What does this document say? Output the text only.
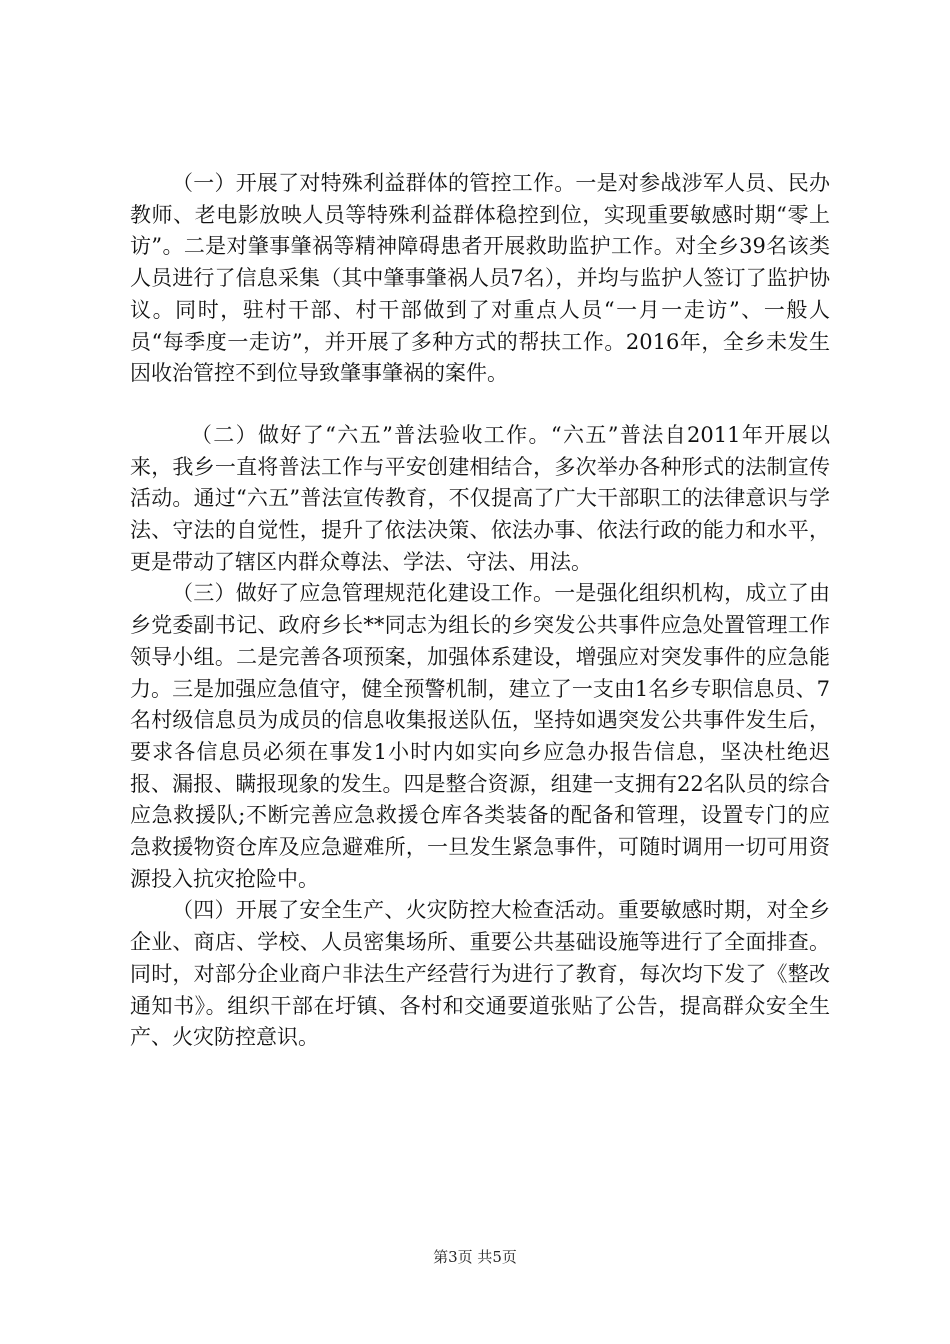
（一）开展了对特殊利益群体的管控工作。一是对参战涉军人员、民办教师、老电影放映人员等特殊利益群体稳控到位，实现重要敏感时期“零上访”。二是对肇事肇祸等精神障碍患者开展救助监护工作。对全乡39名该类人员进行了信息采集（其中肇事肇祸人员7名），并均与监护人签订了监护协议。同时，驻村干部、村干部做到了对重点人员“一月一走访”、一般人员“每季度一走访”，并开展了多种方式的帮扶工作。2016年，全乡未发生因收治管控不到位导致肇事肇祸的案件。

（二）做好了“六五”普法验收工作。“六五”普法自2011年开展以来，我乡一直将普法工作与平安创建相结合，多次举办各种形式的法制宣传活动。通过“六五”普法宣传教育，不仅提高了广大干部职工的法律意识与学法、守法的自觉性，提升了依法决策、依法办事、依法行政的能力和水平，更是带动了辖区内群众尊法、学法、守法、用法。

（三）做好了应急管理规范化建设工作。一是强化组织机构，成立了由乡党委副书记、政府乡长**同志为组长的乡突发公共事件应急处置管理工作领导小组。二是完善各项预案，加强体系建设，增强应对突发事件的应急能力。三是加强应急值守，健全预警机制，建立了一支由1名乡专职信息员、7名村级信息员为成员的信息收集报送队伍，坚持如遇突发公共事件发生后，要求各信息员必须在事发1小时内如实向乡应急办报告信息，坚决杜绝迟报、漏报、瞒报现象的发生。四是整合资源，组建一支拥有22名队员的综合应急救援队;不断完善应急救援仓库各类装备的配备和管理，设置专门的应急救援物资仓库及应急避难所，一旦发生紧急事件，可随时调用一切可用资源投入抗灾抢险中。

（四）开展了安全生产、火灾防控大检查活动。重要敏感时期，对全乡企业、商店、学校、人员密集场所、重要公共基础设施等进行了全面排查。同时，对部分企业商户非法生产经营行为进行了教育，每次均下发了《整改通知书》。组织干部在圩镇、各村和交通要道张贴了公告，提高群众安全生产、火灾防控意识。

第3页 共5页
